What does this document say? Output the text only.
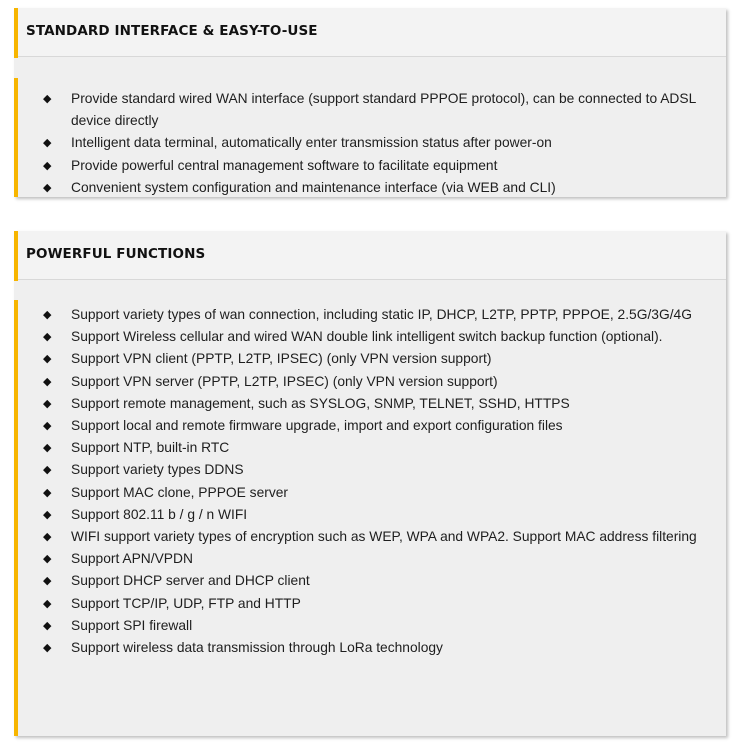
STANDARD INTERFACE & EASY-TO-USE
◆ Provide standard wired WAN interface (support standard PPPOE protocol), can be connected to ADSL device directly
◆ Intelligent data terminal, automatically enter transmission status after power-on
◆ Provide powerful central management software to facilitate equipment
◆ Convenient system configuration and maintenance interface (via WEB and CLI)
POWERFUL FUNCTIONS
◆ Support variety types of wan connection, including static IP, DHCP, L2TP, PPTP, PPPOE, 2.5G/3G/4G
◆ Support Wireless cellular and wired WAN double link intelligent switch backup function (optional).
◆ Support VPN client (PPTP, L2TP, IPSEC) (only VPN version support)
◆ Support VPN server (PPTP, L2TP, IPSEC) (only VPN version support)
◆ Support remote management, such as SYSLOG, SNMP, TELNET, SSHD, HTTPS
◆ Support local and remote firmware upgrade, import and export configuration files
◆ Support NTP, built-in RTC
◆ Support variety types DDNS
◆ Support MAC clone, PPPOE server
◆ Support 802.11 b / g / n WIFI
◆ WIFI support variety types of encryption such as WEP, WPA and WPA2. Support MAC address filtering
◆ Support APN/VPDN
◆ Support DHCP server and DHCP client
◆ Support TCP/IP, UDP, FTP and HTTP
◆ Support SPI firewall
◆ Support wireless data transmission through LoRa technology
